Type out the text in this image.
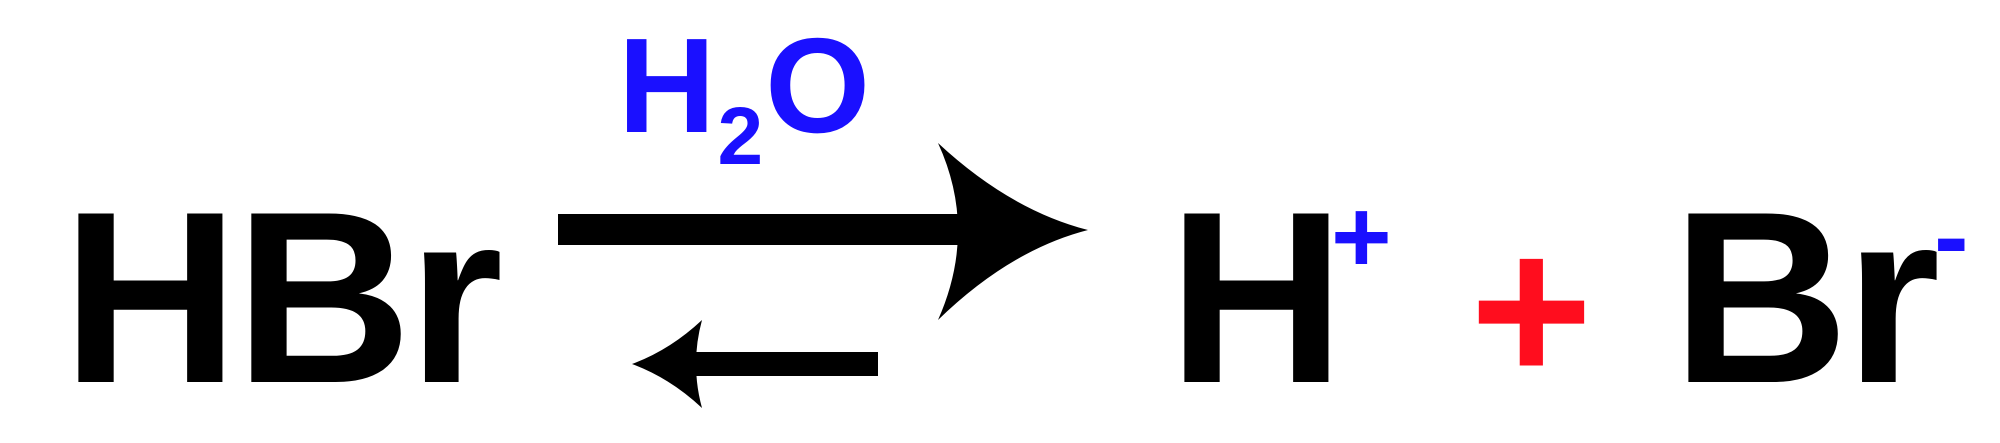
HBr
H2O
H
+ + Br
-
